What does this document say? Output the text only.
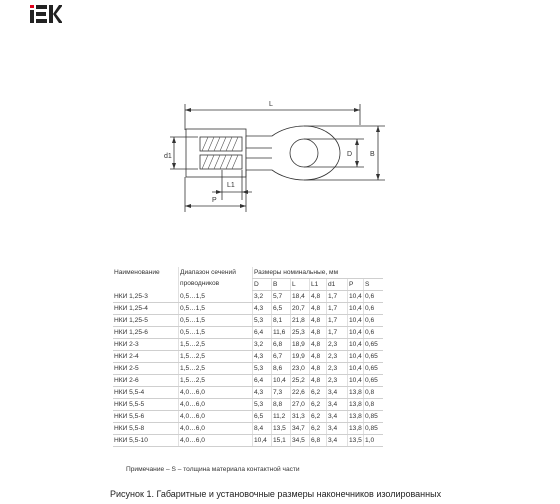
L
d1	D	B
L1
P
Наименование	Диапазон сечений проводников	Размеры номинальные, мм						
		D	B	L	L1	d1	P	S
НКИ 1,25-3	0,5…1,5	3,2	5,7	18,4	4,8	1,7	10,4	0,6
НКИ 1,25-4	0,5…1,5	4,3	6,5	20,7	4,8	1,7	10,4	0,6
НКИ 1,25-5	0,5…1,5	5,3	8,1	21,8	4,8	1,7	10,4	0,6
НКИ 1,25-6	0,5…1,5	6,4	11,6	25,3	4,8	1,7	10,4	0,6
НКИ 2-3	1,5…2,5	3,2	6,8	18,9	4,8	2,3	10,4	0,65
НКИ 2-4	1,5…2,5	4,3	6,7	19,9	4,8	2,3	10,4	0,65
НКИ 2-5	1,5…2,5	5,3	8,6	23,0	4,8	2,3	10,4	0,65
НКИ 2-6	1,5…2,5	6,4	10,4	25,2	4,8	2,3	10,4	0,65
НКИ 5,5-4	4,0…6,0	4,3	7,3	22,6	6,2	3,4	13,8	0,8
НКИ 5,5-5	4,0…6,0	5,3	8,8	27,0	6,2	3,4	13,8	0,8
НКИ 5,5-6	4,0…6,0	6,5	11,2	31,3	6,2	3,4	13,8	0,85
НКИ 5,5-8	4,0…6,0	8,4	13,5	34,7	6,2	3,4	13,8	0,85
НКИ 5,5-10	4,0…6,0	10,4	15,1	34,5	6,8	3,4	13,5	1,0
Примечание – S – толщина материала контактной части
Рисунок 1. Габаритные и установочные размеры наконечников изолированных
